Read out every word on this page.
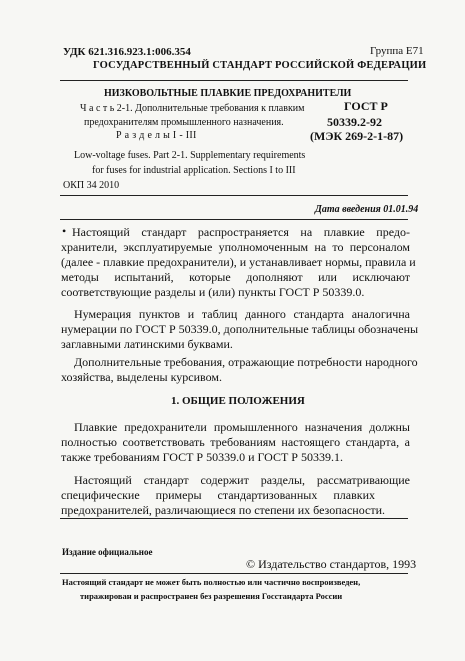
УДК 621.316.923.1:006.354	Группа Е71
ГОСУДАРСТВЕННЫЙ СТАНДАРТ РОССИЙСКОЙ ФЕДЕРАЦИИ
НИЗКОВОЛЬТНЫЕ ПЛАВКИЕ ПРЕДОХРАНИТЕЛИ
Ч а с т ь 2-1. Дополнительные требования к плавким
предохранителям промышленного назначения.
Р а з д е л ы I - III
ГОСТ Р
50339.2-92
(МЭК 269-2-1-87)
Low-voltage fuses. Part 2-1. Supplementary requirements
for fuses for industrial application. Sections I to III
ОКП 34 2010
Дата введения 01.01.94
• Настоящий стандарт распространяется на плавкие предо-
хранители, эксплуатируемые уполномоченным на то персоналом
(далее - плавкие предохранители), и устанавливает нормы, правила и
методы испытаний, которые дополняют или исключают
соответствующие разделы и (или) пункты ГОСТ Р 50339.0.
Нумерация пунктов и таблиц данного стандарта аналогична
нумерации по ГОСТ Р 50339.0, дополнительные таблицы обозначены
заглавными латинскими буквами.
Дополнительные требования, отражающие потребности народного
хозяйства, выделены курсивом.
1. ОБЩИЕ ПОЛОЖЕНИЯ
Плавкие предохранители промышленного назначения должны
полностью соответствовать требованиям настоящего стандарта, а
также требованиям ГОСТ Р 50339.0 и ГОСТ Р 50339.1.
Настоящий стандарт содержит разделы, рассматривающие
специфические примеры стандартизованных плавких
предохранителей, различающиеся по степени их безопасности.
Издание официальное
© Издательство стандартов, 1993
Настоящий стандарт не может быть полностью или частично воспроизведен,
тиражирован и распространен без разрешения Госстандарта России
